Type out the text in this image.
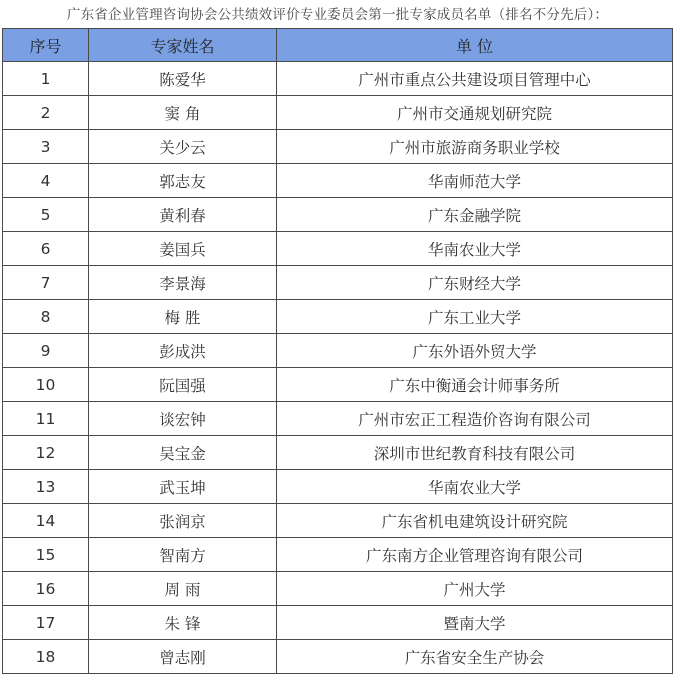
广东省企业管理咨询协会公共绩效评价专业委员会第一批专家成员名单（排名不分先后）：
序号	专家姓名	单 位
1	陈爱华	广州市重点公共建设项目管理中心
2	窦 角	广州市交通规划研究院
3	关少云	广州市旅游商务职业学校
4	郭志友	华南师范大学
5	黄利春	广东金融学院
6	姜国兵	华南农业大学
7	李景海	广东财经大学
8	梅 胜	广东工业大学
9	彭成洪	广东外语外贸大学
10	阮国强	广东中衡通会计师事务所
11	谈宏钟	广州市宏正工程造价咨询有限公司
12	吴宝金	深圳市世纪教育科技有限公司
13	武玉坤	华南农业大学
14	张润京	广东省机电建筑设计研究院
15	智南方	广东南方企业管理咨询有限公司
16	周 雨	广州大学
17	朱 锋	暨南大学
18	曾志刚	广东省安全生产协会
